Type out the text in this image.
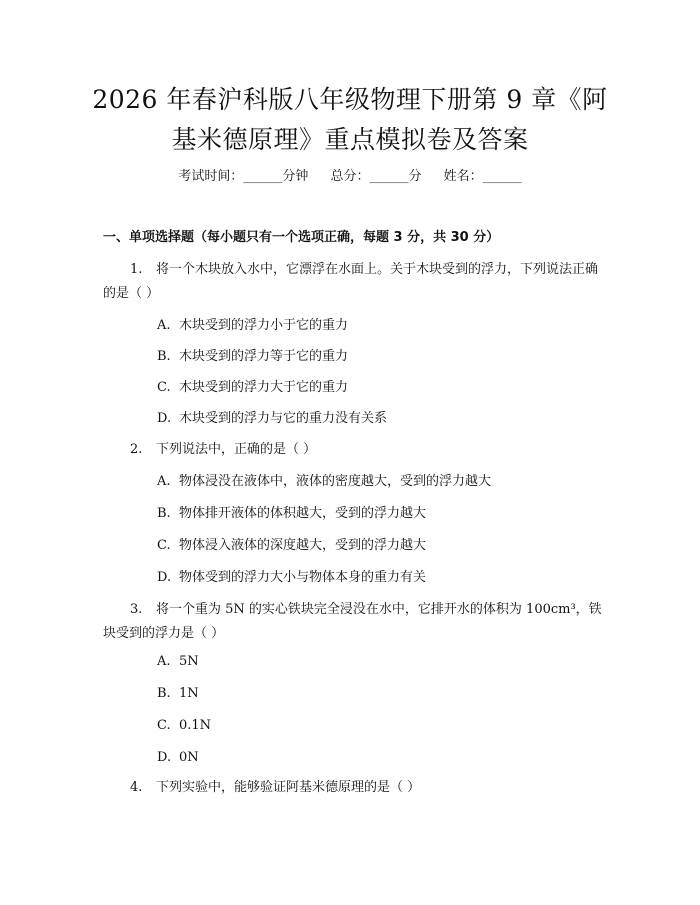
2026 年春沪科版八年级物理下册第 9 章《阿
基米德原理》重点模拟卷及答案
考试时间：______分钟 总分：______分 姓名：______
一、单项选择题（每小题只有一个选项正确，每题 3 分，共 30 分）
1. 将一个木块放入水中，它漂浮在水面上。关于木块受到的浮力，下列说法正确的是（ ）
A. 木块受到的浮力小于它的重力
B. 木块受到的浮力等于它的重力
C. 木块受到的浮力大于它的重力
D. 木块受到的浮力与它的重力没有关系
2. 下列说法中，正确的是（ ）
A. 物体浸没在液体中，液体的密度越大，受到的浮力越大
B. 物体排开液体的体积越大，受到的浮力越大
C. 物体浸入液体的深度越大，受到的浮力越大
D. 物体受到的浮力大小与物体本身的重力有关
3. 将一个重为 5N 的实心铁块完全浸没在水中，它排开水的体积为 100cm³，铁块受到的浮力是（ ）
A. 5N
B. 1N
C. 0.1N
D. 0N
4. 下列实验中，能够验证阿基米德原理的是（ ）
